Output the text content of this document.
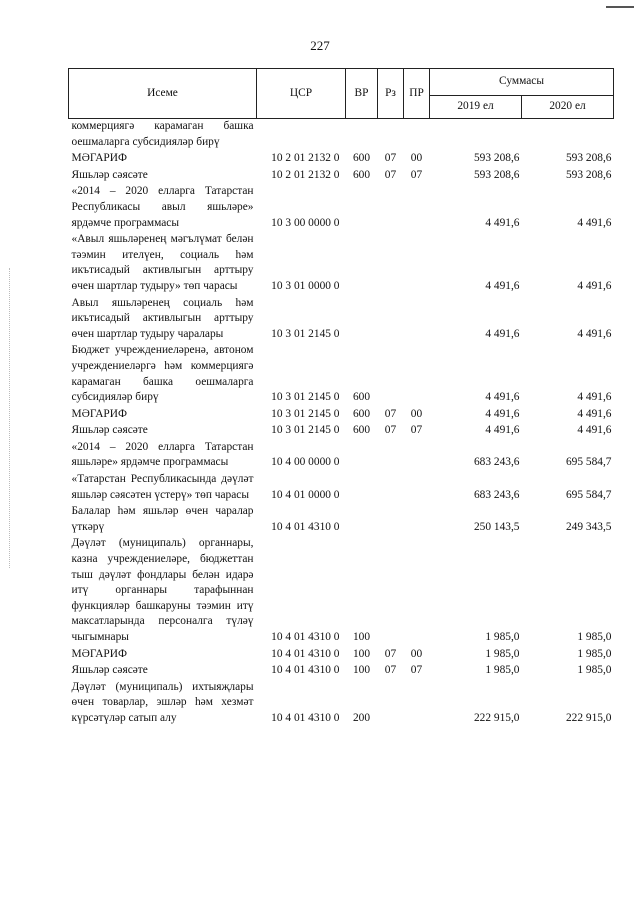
227
Исеме	ЦСР	ВР	Рз	ПР	Суммасы	
					2019 ел	2020 ел
коммерциягә карамаган башка оешмаларга субсидияләр бирү						
МӘГАРИФ	10 2 01 2132 0	600	07	00	593 208,6	593 208,6
Яшьләр сәясәте	10 2 01 2132 0	600	07	07	593 208,6	593 208,6
«2014 – 2020 елларга Татарстан Республикасы авыл яшьләре» ярдәмче программасы	10 3 00 0000 0				4 491,6	4 491,6
«Авыл яшьләренең мәгълүмат белән тәэмин ителүен, социаль һәм икътисадый активлыгын арттыру өчен шартлар тудыру» төп чарасы	10 3 01 0000 0				4 491,6	4 491,6
Авыл яшьләренең социаль һәм икътисадый активлыгын арттыру өчен шартлар тудыру чаралары	10 3 01 2145 0				4 491,6	4 491,6
Бюджет учреждениеләренә, автоном учреждениеләргә һәм коммерциягә карамаган башка оешмаларга субсидияләр бирү	10 3 01 2145 0	600			4 491,6	4 491,6
МӘГАРИФ	10 3 01 2145 0	600	07	00	4 491,6	4 491,6
Яшьләр сәясәте	10 3 01 2145 0	600	07	07	4 491,6	4 491,6
«2014 – 2020 елларга Татарстан яшьләре» ярдәмче программасы	10 4 00 0000 0				683 243,6	695 584,7
«Татарстан Республикасында дәүләт яшьләр сәясәтен үстерү» төп чарасы	10 4 01 0000 0				683 243,6	695 584,7
Балалар һәм яшьләр өчен чаралар үткәрү	10 4 01 4310 0				250 143,5	249 343,5
Дәүләт (муниципаль) органнары, казна учреждениеләре, бюджеттан тыш дәүләт фондлары белән идарә итү органнары тарафыннан функцияләр башкаруны тәэмин итү максатларында персоналга түләү чыгымнары	10 4 01 4310 0	100			1 985,0	1 985,0
МӘГАРИФ	10 4 01 4310 0	100	07	00	1 985,0	1 985,0
Яшьләр сәясәте	10 4 01 4310 0	100	07	07	1 985,0	1 985,0
Дәүләт (муниципаль) ихтыяҗлары өчен товарлар, эшләр һәм хезмәт күрсәтүләр сатып алу	10 4 01 4310 0	200			222 915,0	222 915,0
